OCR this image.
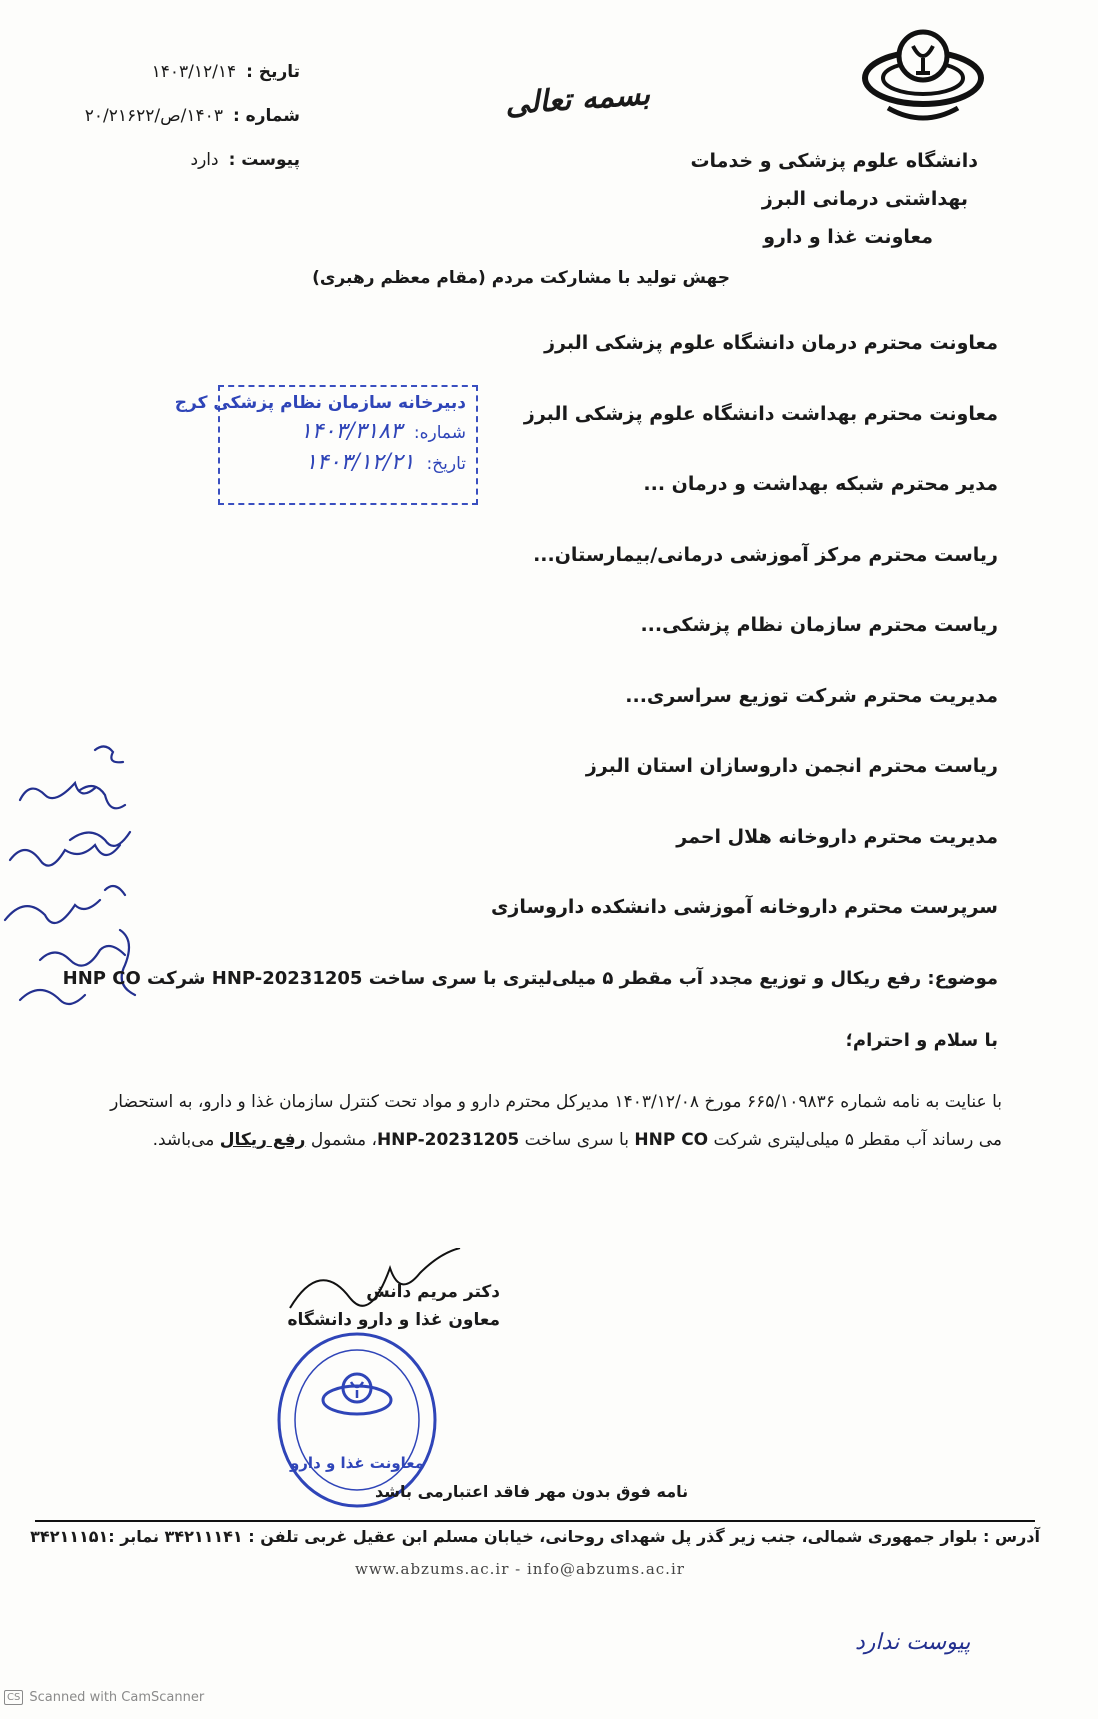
دانشگاه علوم پزشکی و خدمات
بهداشتی درمانی البرز
معاونت غذا و دارو
بسمه تعالی
تاریخ :
۱۴۰۳/۱۲/۱۴
شماره :
۱۴۰۳/ص/۲۰/۲۱۶۲۲
پیوست :
دارد
جهش تولید با مشارکت مردم (مقام معظم رهبری)
دبیرخانه سازمان نظام پزشکی کرج
شماره:
۱۴۰۳/۳۱۸۳
تاریخ:
۱۴۰۳/۱۲/۲۱
معاونت محترم درمان دانشگاه علوم پزشکی البرز
معاونت محترم بهداشت دانشگاه علوم پزشکی البرز
مدیر محترم شبکه بهداشت و درمان ...
ریاست محترم مرکز آموزشی درمانی/بیمارستان...
ریاست محترم سازمان نظام پزشکی...
مدیریت محترم شرکت توزیع سراسری...
ریاست محترم انجمن داروسازان استان البرز
مدیریت محترم داروخانه هلال احمر
سرپرست محترم داروخانه آموزشی دانشکده داروسازی
موضوع: رفع ریکال و توزیع مجدد آب مقطر ۵ میلی‌لیتری با سری ساخت HNP-20231205 شرکت HNP CO
با سلام و احترام؛
با عنایت به نامه شماره ۶۶۵/۱۰۹۸۳۶ مورخ ۱۴۰۳/۱۲/۰۸ مدیرکل محترم دارو و مواد تحت کنترل سازمان غذا و دارو، به استحضار
می رساند آب مقطر ۵ میلی‌لیتری شرکت HNP CO با سری ساخت HNP-20231205، مشمول رفع ریکال می‌باشد.
دکتر مریم دانش
معاون غذا و دارو دانشگاه
معاونت غذا و دارو
نامه فوق بدون مهر فاقد اعتبارمی باشد
آدرس : بلوار جمهوری شمالی، جنب زیر گذر پل شهدای روحانی، خیابان مسلم ابن عقیل غربی تلفن : ۳۴۲۱۱۱۴۱ نمابر :۳۴۲۱۱۱۵۱
www.abzums.ac.ir - info@abzums.ac.ir
پیوست ندارد
CS Scanned with CamScanner
